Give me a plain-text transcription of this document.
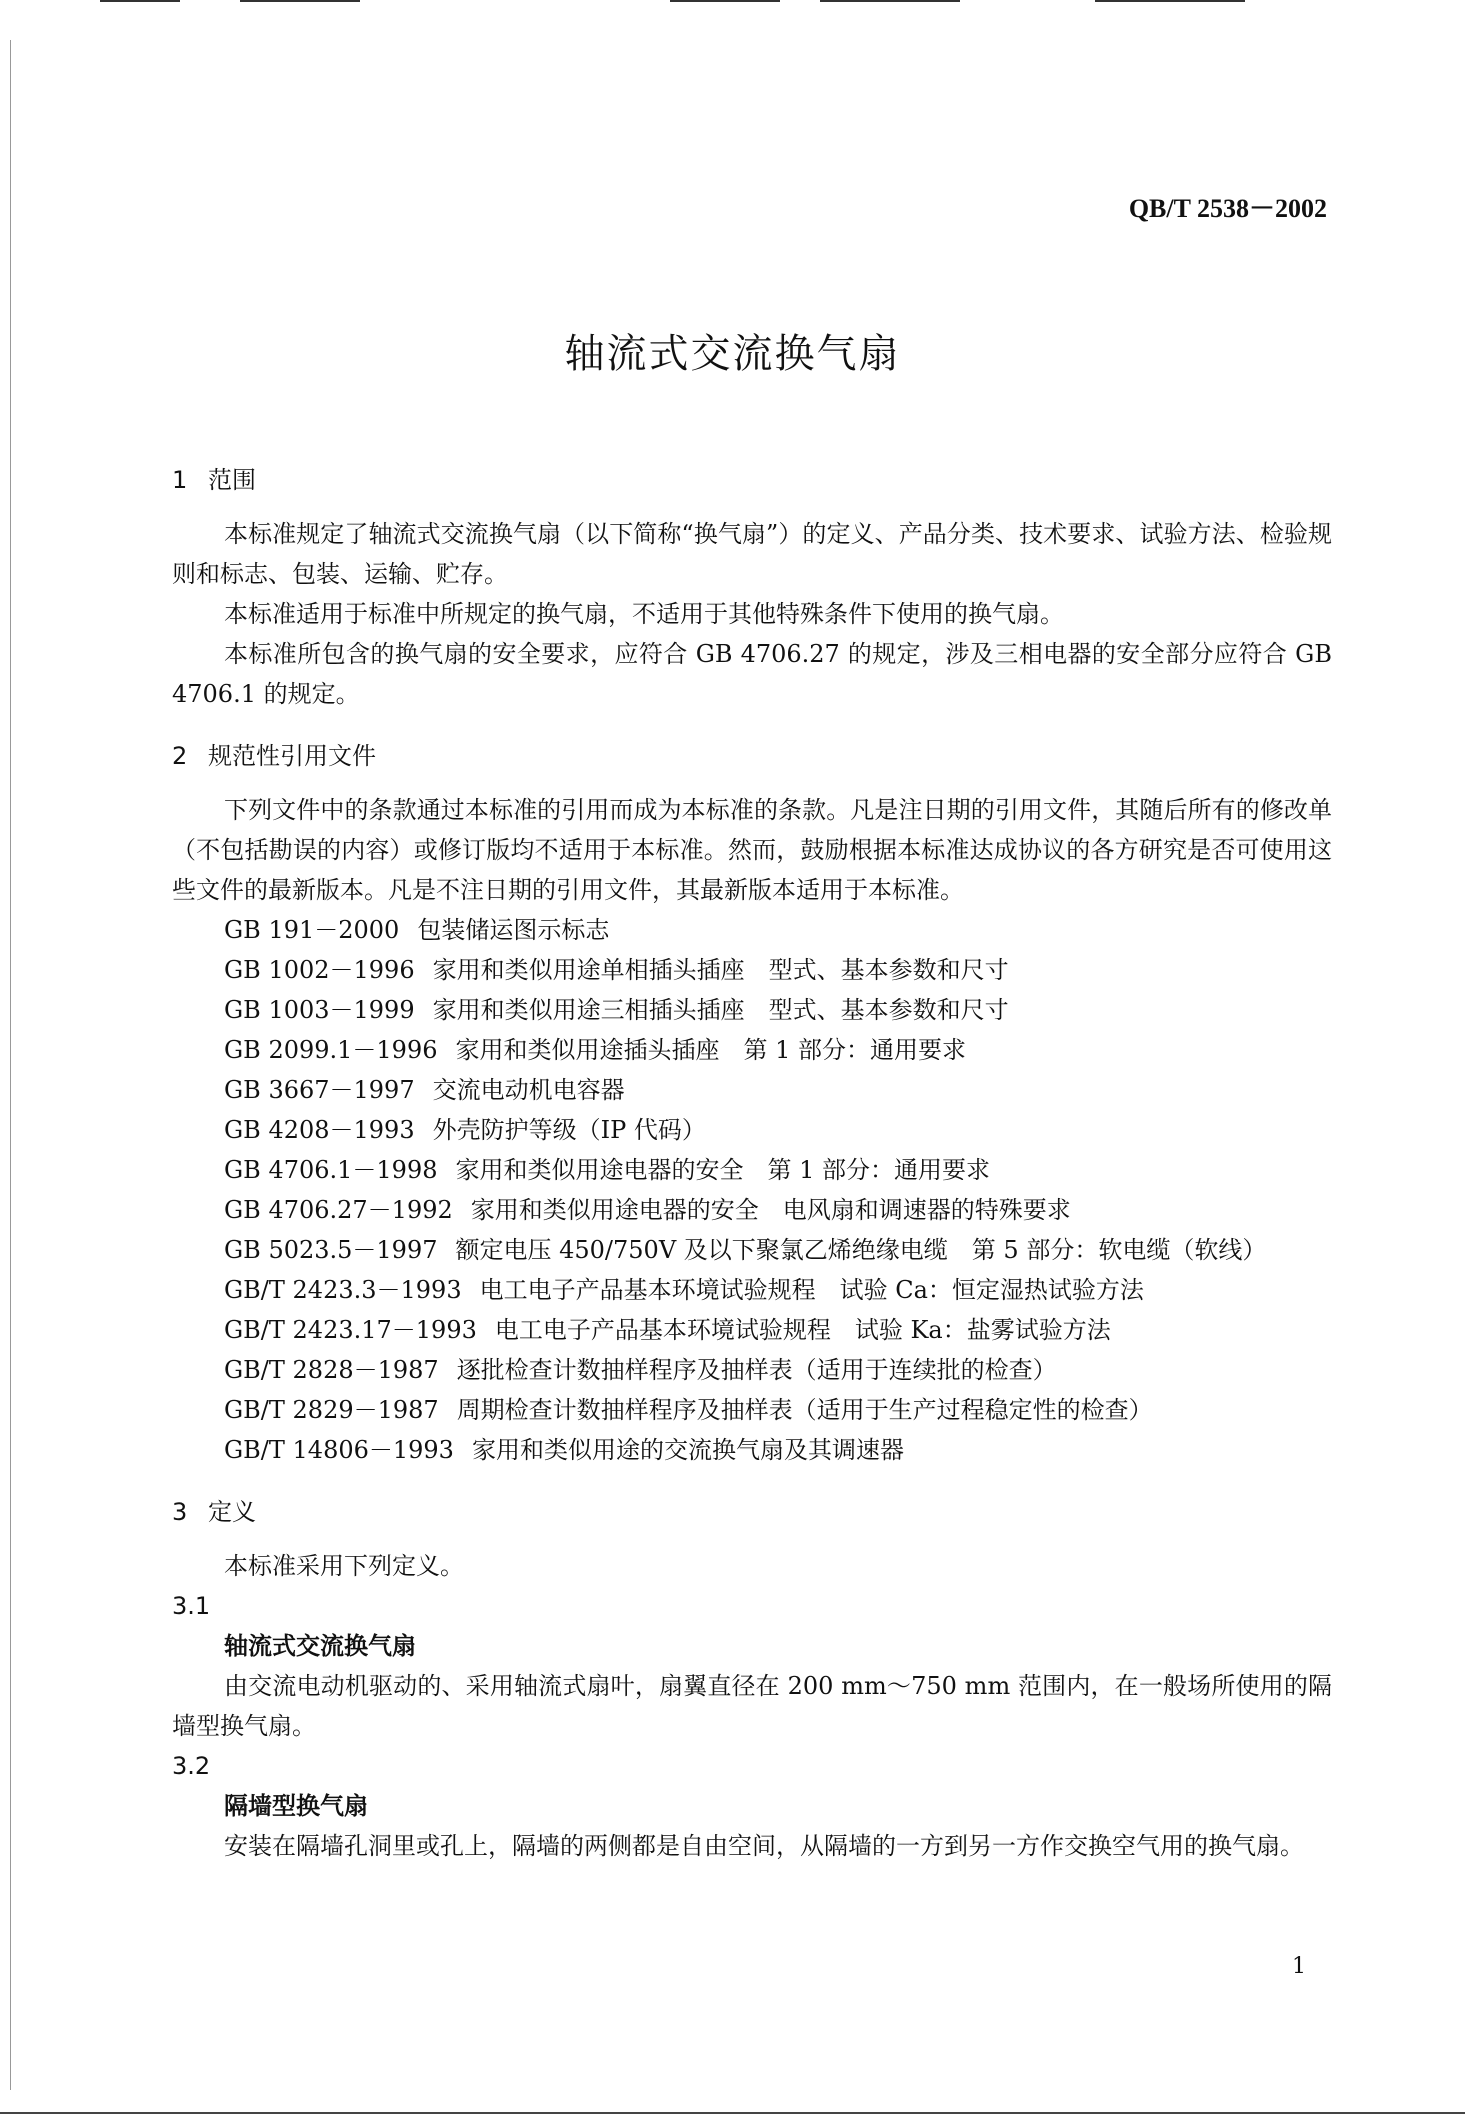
QB/T 2538－2002
轴流式交流换气扇

1 范围

本标准规定了轴流式交流换气扇（以下简称“换气扇”）的定义、产品分类、技术要求、试验方法、检验规则和标志、包装、运输、贮存。

本标准适用于标准中所规定的换气扇，不适用于其他特殊条件下使用的换气扇。

本标准所包含的换气扇的安全要求，应符合 GB 4706.27 的规定，涉及三相电器的安全部分应符合 GB 4706.1 的规定。

2 规范性引用文件

下列文件中的条款通过本标准的引用而成为本标准的条款。凡是注日期的引用文件，其随后所有的修改单（不包括勘误的内容）或修订版均不适用于本标准。然而，鼓励根据本标准达成协议的各方研究是否可使用这些文件的最新版本。凡是不注日期的引用文件，其最新版本适用于本标准。

GB 191－2000 包装储运图示标志

GB 1002－1996 家用和类似用途单相插头插座　型式、基本参数和尺寸

GB 1003－1999 家用和类似用途三相插头插座　型式、基本参数和尺寸

GB 2099.1－1996 家用和类似用途插头插座　第 1 部分：通用要求

GB 3667－1997 交流电动机电容器

GB 4208－1993 外壳防护等级（IP 代码）

GB 4706.1－1998 家用和类似用途电器的安全　第 1 部分：通用要求

GB 4706.27－1992 家用和类似用途电器的安全　电风扇和调速器的特殊要求

GB 5023.5－1997 额定电压 450/750V 及以下聚氯乙烯绝缘电缆　第 5 部分：软电缆（软线）

GB/T 2423.3－1993 电工电子产品基本环境试验规程　试验 Ca：恒定湿热试验方法

GB/T 2423.17－1993 电工电子产品基本环境试验规程　试验 Ka：盐雾试验方法

GB/T 2828－1987 逐批检查计数抽样程序及抽样表（适用于连续批的检查）

GB/T 2829－1987 周期检查计数抽样程序及抽样表（适用于生产过程稳定性的检查）

GB/T 14806－1993 家用和类似用途的交流换气扇及其调速器

3 定义

本标准采用下列定义。

3.1

轴流式交流换气扇

由交流电动机驱动的、采用轴流式扇叶，扇翼直径在 200 mm～750 mm 范围内，在一般场所使用的隔墙型换气扇。

3.2

隔墙型换气扇

安装在隔墙孔洞里或孔上，隔墙的两侧都是自由空间，从隔墙的一方到另一方作交换空气用的换气扇。

1
